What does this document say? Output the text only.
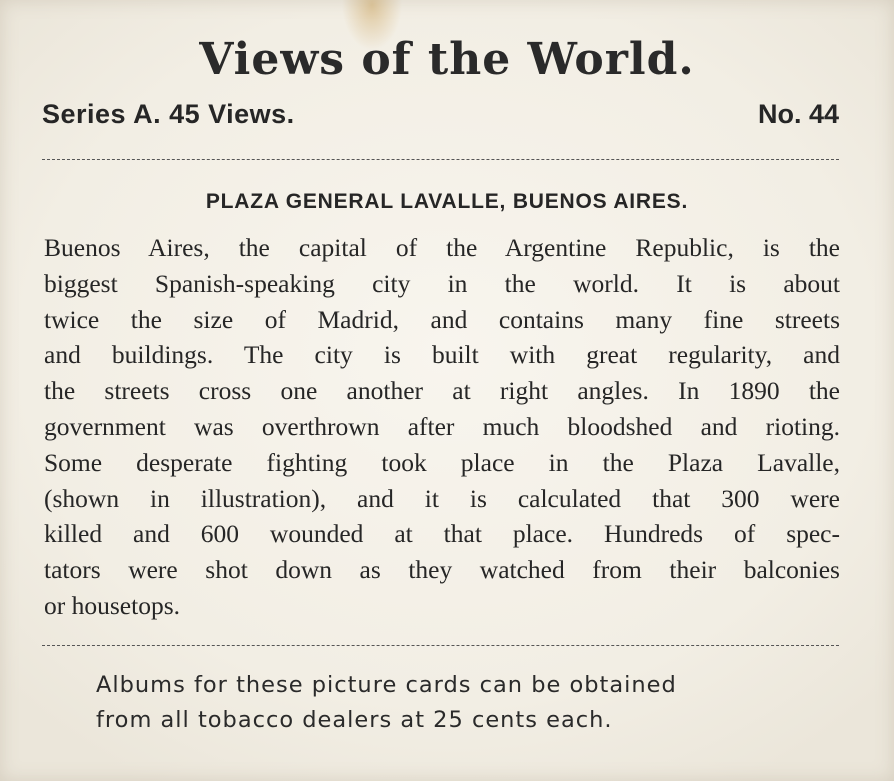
Views of the World.
Series A. 45 Views.	No. 44
PLAZA GENERAL LAVALLE, BUENOS AIRES.
Buenos Aires, the capital of the Argentine Republic, is the
biggest Spanish-speaking city in the world. It is about
twice the size of Madrid, and contains many fine streets
and buildings. The city is built with great regularity, and
the streets cross one another at right angles. In 1890 the
government was overthrown after much bloodshed and rioting.
Some desperate fighting took place in the Plaza Lavalle,
(shown in illustration), and it is calculated that 300 were
killed and 600 wounded at that place. Hundreds of spec-
tators were shot down as they watched from their balconies
or housetops.
Albums for these picture cards can be obtained
from all tobacco dealers at 25 cents each.
